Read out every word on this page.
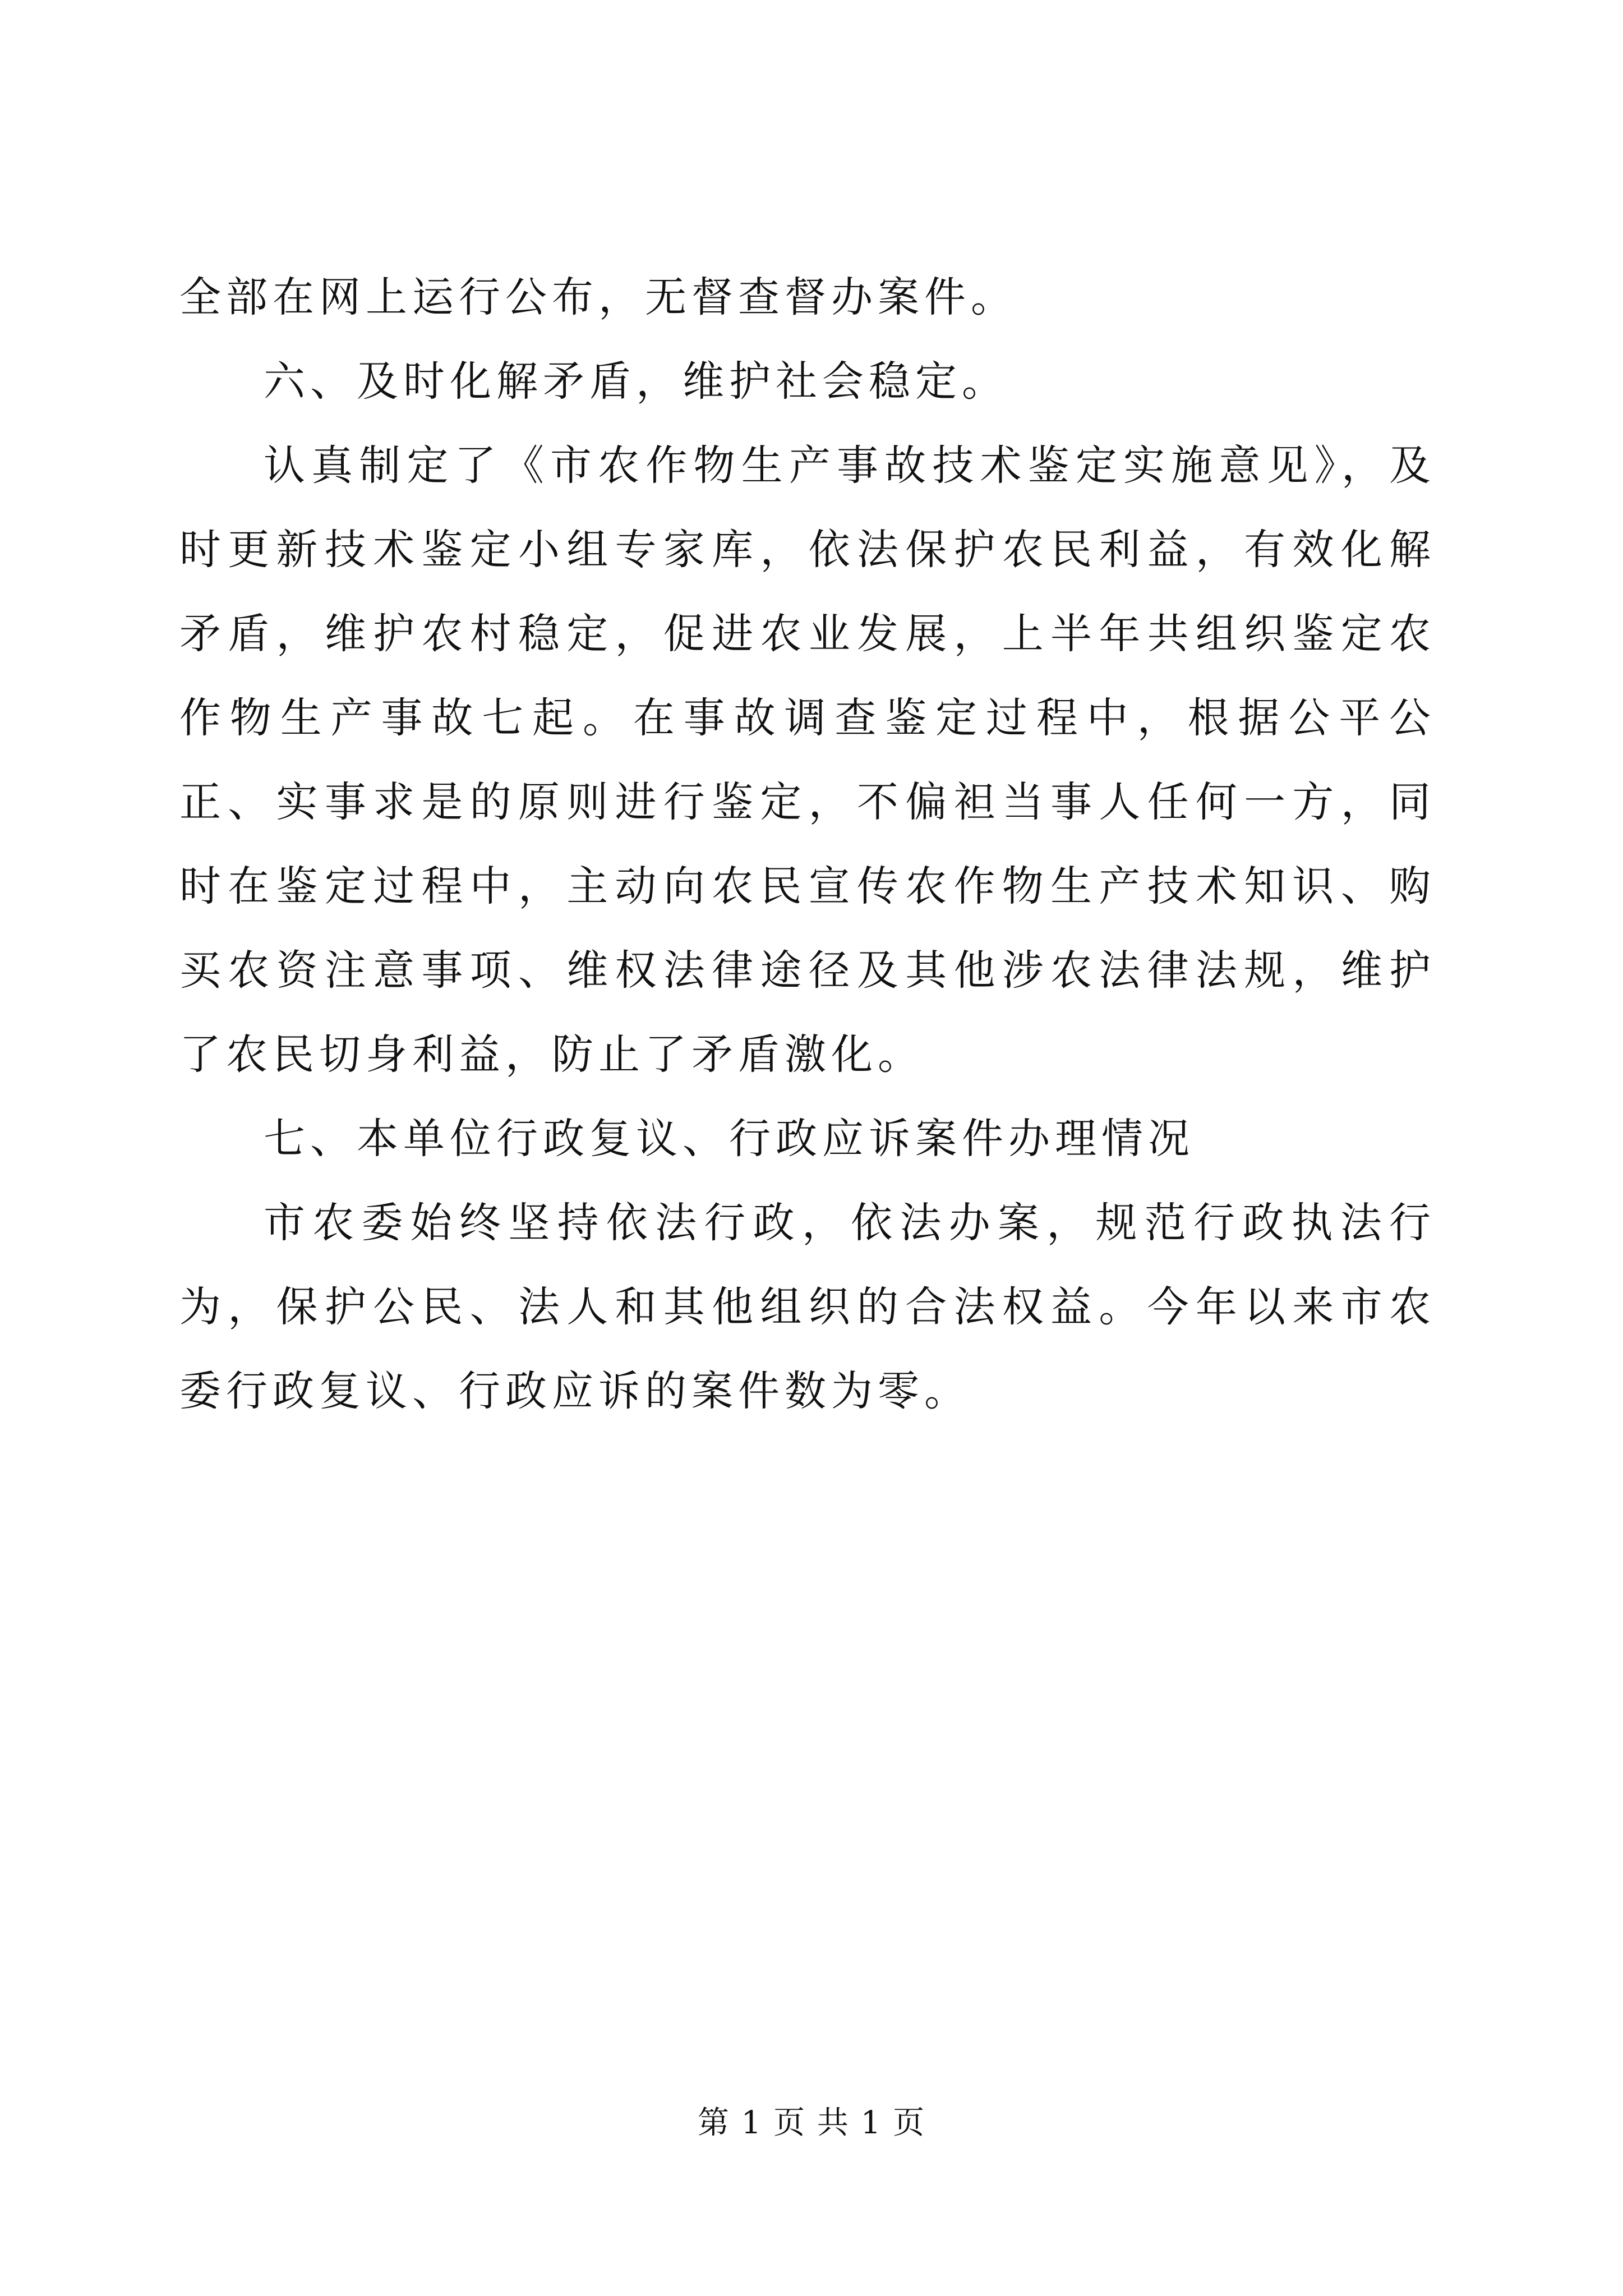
全部在网上运行公布，无督查督办案件。

六、及时化解矛盾，维护社会稳定。

认真制定了《市农作物生产事故技术鉴定实施意见》，及时更新技术鉴定小组专家库，依法保护农民利益，有效化解矛盾，维护农村稳定，促进农业发展，上半年共组织鉴定农作物生产事故七起。在事故调查鉴定过程中，根据公平公正、实事求是的原则进行鉴定，不偏袒当事人任何一方，同时在鉴定过程中，主动向农民宣传农作物生产技术知识、购买农资注意事项、维权法律途径及其他涉农法律法规，维护了农民切身利益，防止了矛盾激化。

七、本单位行政复议、行政应诉案件办理情况

市农委始终坚持依法行政，依法办案，规范行政执法行为，保护公民、法人和其他组织的合法权益。今年以来市农委行政复议、行政应诉的案件数为零。

第 1 页 共 1 页
